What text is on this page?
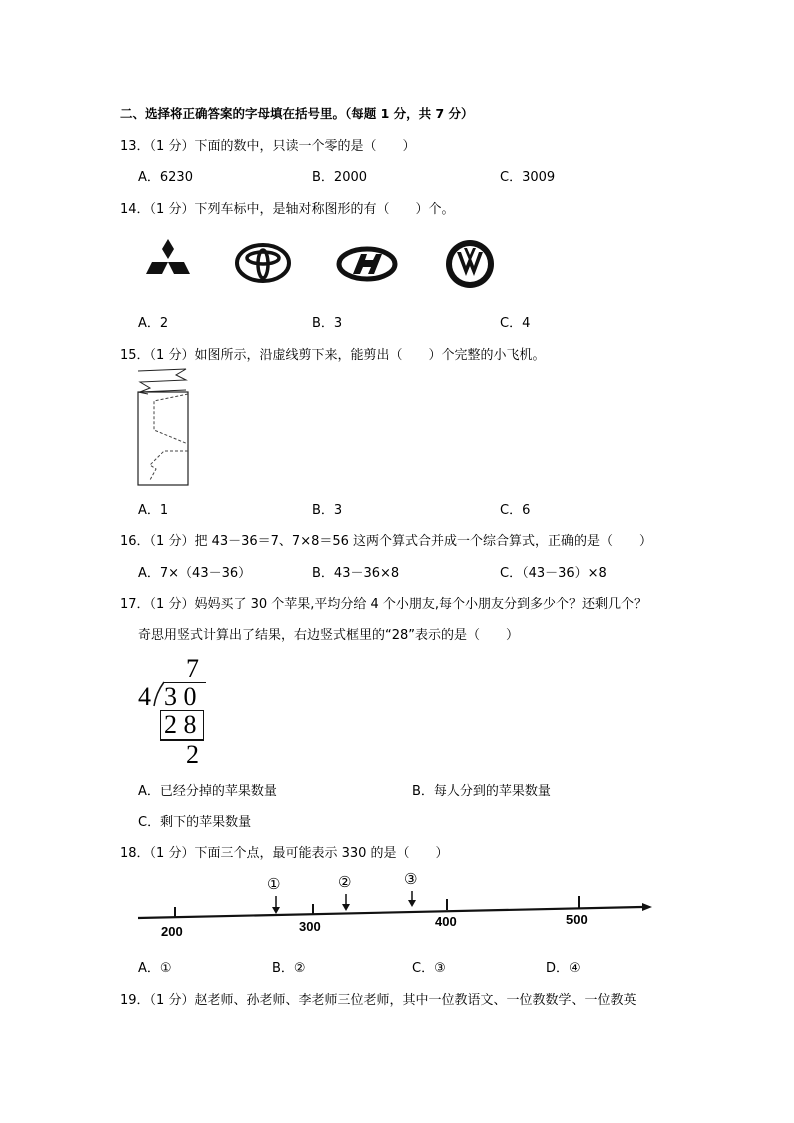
二、选择将正确答案的字母填在括号里。（每题 1 分，共 7 分）
13．（1 分）下面的数中，只读一个零的是（　　）
A．6230	B．2000	C．3009
14．（1 分）下列车标中，是轴对称图形的有（　　）个。
A．2	B．3	C．4
15．（1 分）如图所示，沿虚线剪下来，能剪出（　　）个完整的小飞机。
A．1	B．3	C．6
16．（1 分）把 43－36＝7、7×8＝56 这两个算式合并成一个综合算式，正确的是（　　）
A．7×（43－36）	B．43－36×8	C．（43－36）×8
17．（1 分）妈妈买了 30 个苹果,平均分给 4 个小朋友,每个小朋友分到多少个？还剩几个？
奇思用竖式计算出了结果，右边竖式框里的“28”表示的是（　　）
7
4 3 0
2 8
2
A．已经分掉的苹果数量	B．每人分到的苹果数量
C．剩下的苹果数量
18．（1 分）下面三个点，最可能表示 330 的是（　　）
①	②	③
200	300	400	500
A．①	B．②	C．③	D．④
19．（1 分）赵老师、孙老师、李老师三位老师，其中一位教语文、一位教数学、一位教英
